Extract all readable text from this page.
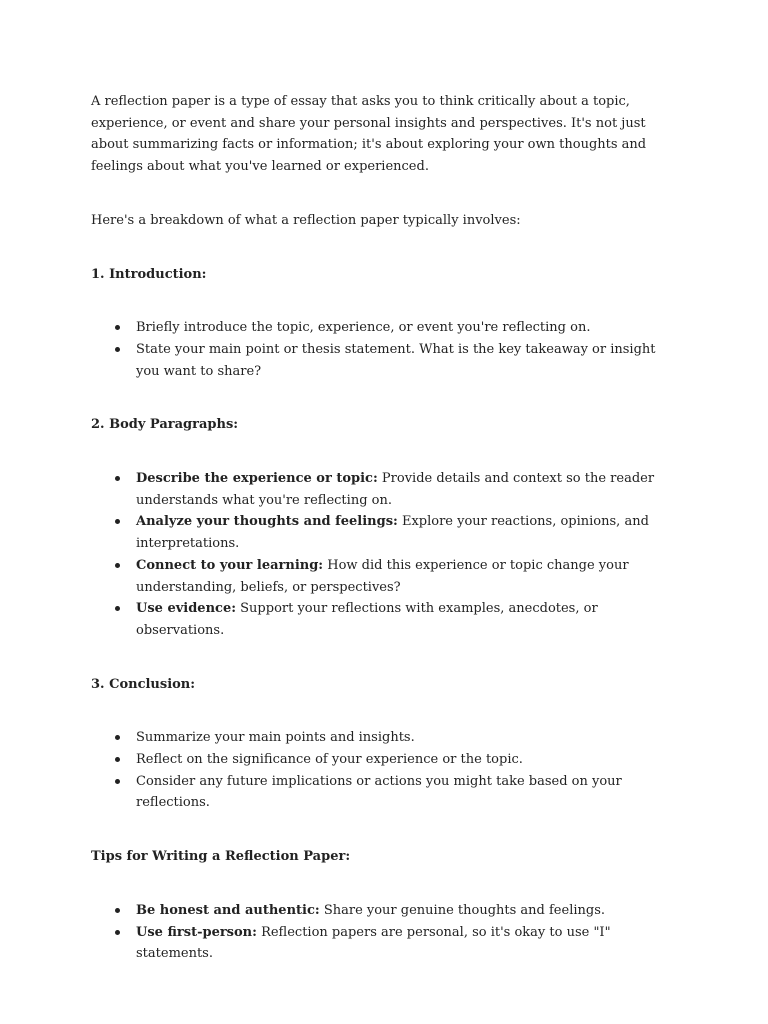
A reflection paper is a type of essay that asks you to think critically about a topic, experience, or event and share your personal insights and perspectives. It's not just about summarizing facts or information; it's about exploring your own thoughts and feelings about what you've learned or experienced.

Here's a breakdown of what a reflection paper typically involves:

1. Introduction:

Briefly introduce the topic, experience, or event you're reflecting on.
State your main point or thesis statement. What is the key takeaway or insight you want to share?

2. Body Paragraphs:

Describe the experience or topic: Provide details and context so the reader understands what you're reflecting on.
Analyze your thoughts and feelings: Explore your reactions, opinions, and interpretations.
Connect to your learning: How did this experience or topic change your understanding, beliefs, or perspectives?
Use evidence: Support your reflections with examples, anecdotes, or observations.

3. Conclusion:

Summarize your main points and insights.
Reflect on the significance of your experience or the topic.
Consider any future implications or actions you might take based on your reflections.

Tips for Writing a Reflection Paper:

Be honest and authentic: Share your genuine thoughts and feelings.
Use first-person: Reflection papers are personal, so it's okay to use "I" statements.
